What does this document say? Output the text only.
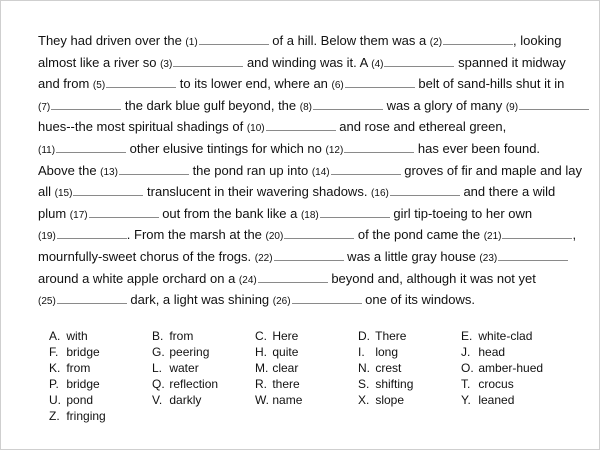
They had driven over the (1)	of a hill. Below them was a (2)	, looking
almost like a river so (3)	and winding was it. A (4)	spanned it midway
and from (5)	to its lower end, where an (6)	belt of sand-hills shut it in
(7)	the dark blue gulf beyond, the (8)	was a glory of many (9)
hues--the most spiritual shadings of (10)	and rose and ethereal green,
(11)	other elusive tintings for which no (12)	has ever been found.
Above the (13)	the pond ran up into (14)	groves of fir and maple and lay
all (15)	translucent in their wavering shadows. (16)	and there a wild
plum (17)	out from the bank like a (18)	girl tip-toeing to her own
(19)	. From the marsh at the (20)	of the pond came the (21)	,
mournfully-sweet chorus of the frogs. (22)	was a little gray house (23)
around a white apple orchard on a (24)	beyond and, although it was not yet
(25)	dark, a light was shining (26)	one of its windows.
A. with	B. from	C. Here	D. There	E. white-clad
F. bridge	G. peering	H. quite	I. long	J. head
K. from	L. water	M. clear	N. crest	O. amber-hued
P. bridge	Q. reflection	R. there	S. shifting	T. crocus
U. pond	V. darkly	W. name	X. slope	Y. leaned
Z. fringing
